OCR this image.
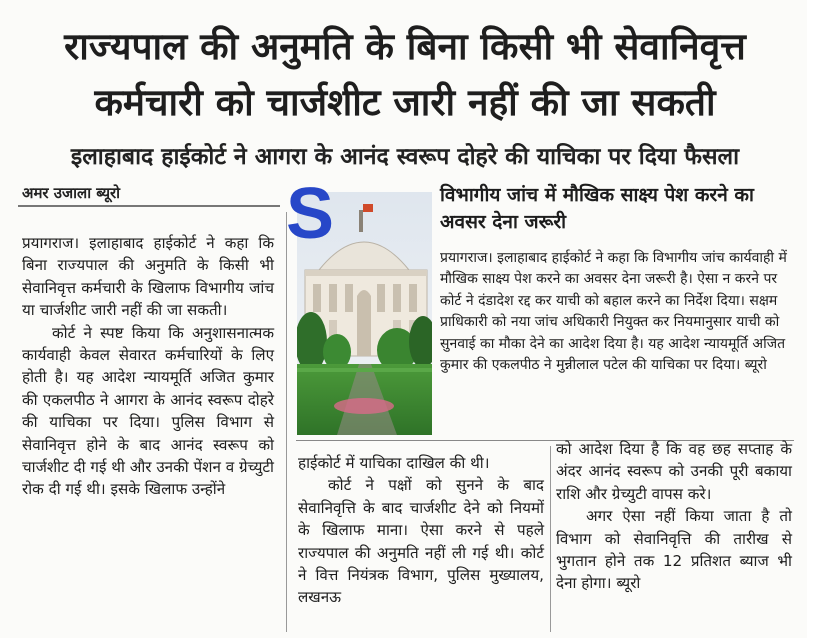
राज्यपाल की अनुमति के बिना किसी भी सेवानिवृत्त
कर्मचारी को चार्जशीट जारी नहीं की जा सकती
इलाहाबाद हाईकोर्ट ने आगरा के आनंद स्वरूप दोहरे की याचिका पर दिया फैसला
अमर उजाला ब्यूरो

प्रयागराज। इलाहाबाद हाईकोर्ट ने कहा कि बिना राज्यपाल की अनुमति के किसी भी सेवानिवृत्त कर्मचारी के खिलाफ विभागीय जांच या चार्जशीट जारी नहीं की जा सकती।

कोर्ट ने स्पष्ट किया कि अनुशासनात्मक कार्यवाही केवल सेवारत कर्मचारियों के लिए होती है। यह आदेश न्यायमूर्ति अजित कुमार की एकलपीठ ने आगरा के आनंद स्वरूप दोहरे की याचिका पर दिया। पुलिस विभाग से सेवानिवृत्त होने के बाद आनंद स्वरूप को चार्जशीट दी गई थी और उनकी पेंशन व ग्रेच्युटी रोक दी गई थी। इसके खिलाफ उन्होंने

S	विभागीय जांच में मौखिक साक्ष्य पेश करने का अवसर देना जरूरी

प्रयागराज। इलाहाबाद हाईकोर्ट ने कहा कि विभागीय जांच कार्यवाही में मौखिक साक्ष्य पेश करने का अवसर देना जरूरी है। ऐसा न करने पर कोर्ट ने दंडादेश रद्द कर याची को बहाल करने का निर्देश दिया। सक्षम प्राधिकारी को नया जांच अधिकारी नियुक्त कर नियमानुसार याची को सुनवाई का मौका देने का आदेश दिया है। यह आदेश न्यायमूर्ति अजित कुमार की एकलपीठ ने मुन्नीलाल पटेल की याचिका पर दिया। ब्यूरो

हाईकोर्ट में याचिका दाखिल की थी।

कोर्ट ने पक्षों को सुनने के बाद सेवानिवृत्ति के बाद चार्जशीट देने को नियमों के खिलाफ माना। ऐसा करने से पहले राज्यपाल की अनुमति नहीं ली गई थी। कोर्ट ने वित्त नियंत्रक विभाग, पुलिस मुख्यालय, लखनऊ

को आदेश दिया है कि वह छह सप्ताह के अंदर आनंद स्वरूप को उनकी पूरी बकाया राशि और ग्रेच्युटी वापस करे।

अगर ऐसा नहीं किया जाता है तो विभाग को सेवानिवृत्ति की तारीख से भुगतान होने तक 12 प्रतिशत ब्याज भी देना होगा। ब्यूरो
